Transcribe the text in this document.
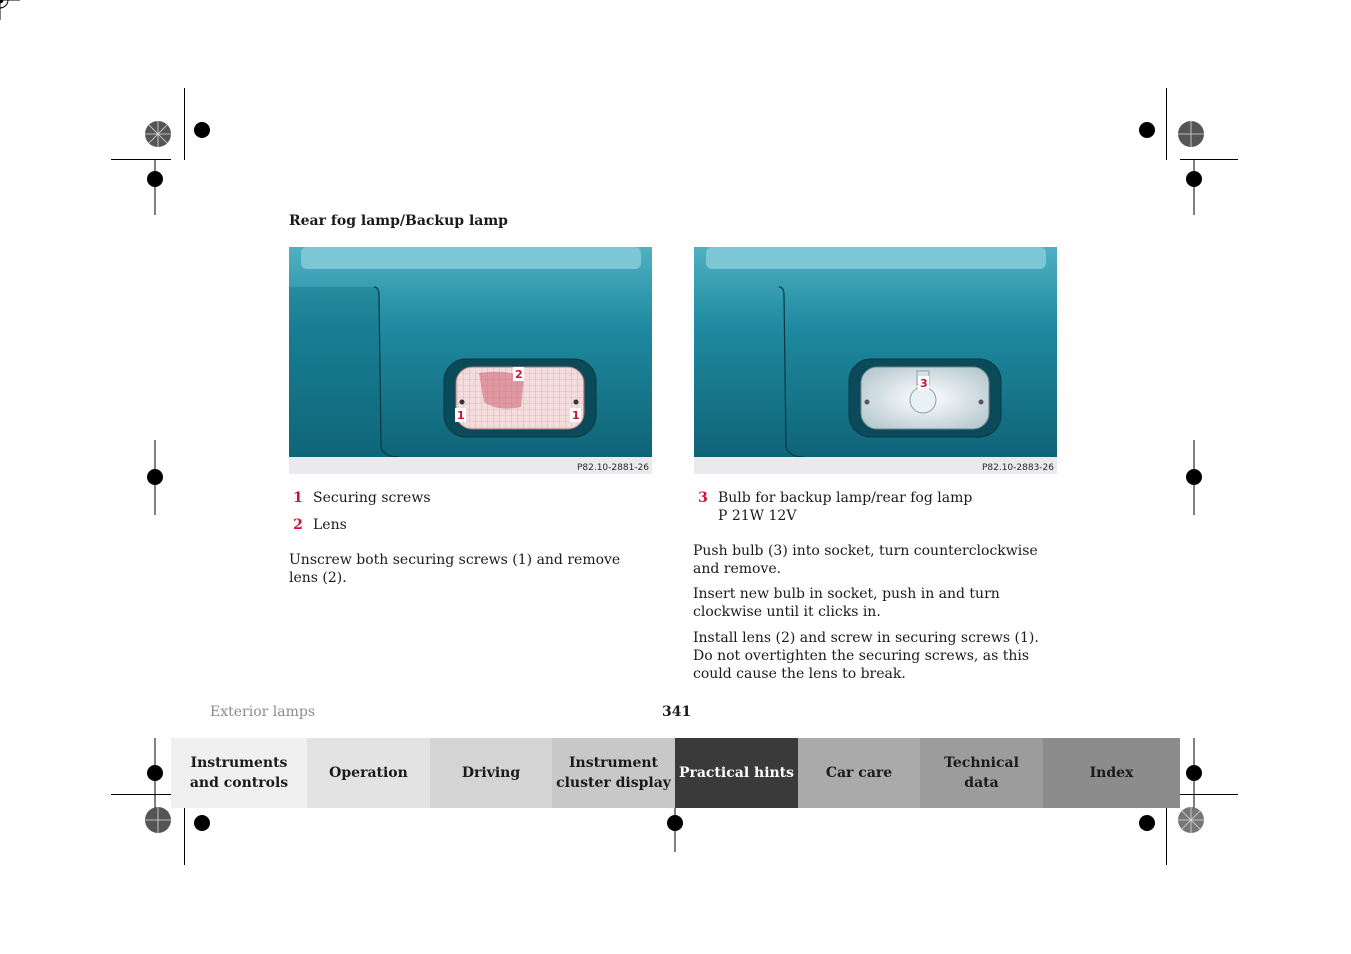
Rear fog lamp/Backup lamp
2
1	1
P82.10-2881-26
3
P82.10-2883-26
1 Securing screws
2 Lens
Unscrew both securing screws (1) and remove lens (2).
3 Bulb for backup lamp/rear fog lamp
P 21W 12V
Push bulb (3) into socket, turn counterclockwise and remove.
Insert new bulb in socket, push in and turn clockwise until it clicks in.
Install lens (2) and screw in securing screws (1).
Do not overtighten the securing screws, as this could cause the lens to break.
Exterior lamps	341
Instruments
and controls
Operation	Driving
Instrument
cluster display
Practical hints Car care
Technical
data
Index
